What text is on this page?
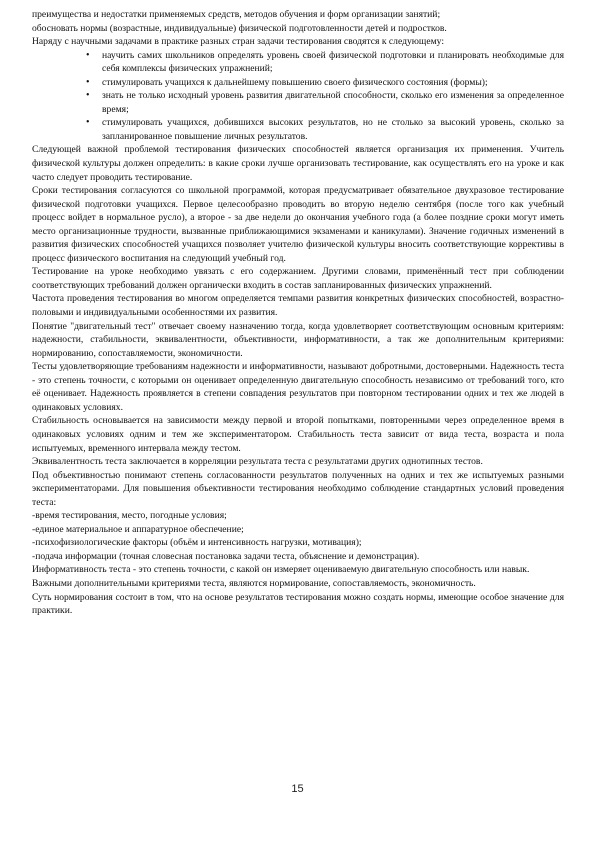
преимущества и недостатки применяемых средств, методов обучения и форм организации занятий;

обосновать нормы (возрастные, индивидуальные) физической подготовленности детей и подростков.

Наряду с научными задачами в практике разных стран задачи тестирования сводятся к следующему:

• научить самих школьников определять уровень своей физической подготовки и планировать необходимые для себя комплексы физических упражнений;
• стимулировать учащихся к дальнейшему повышению своего физического состояния (формы);
• знать не только исходный уровень развития двигательной способности, сколько его изменения за определенное время;
• стимулировать учащихся, добившихся высоких результатов, но не столько за высокий уровень, сколько за запланированное повышение личных результатов.

Следующей важной проблемой тестирования физических способностей является организация их применения. Учитель физической культуры должен определить: в какие сроки лучше организовать тестирование, как осуществлять его на уроке и как часто следует проводить тестирование.

Сроки тестирования согласуются со школьной программой, которая предусматривает обязательное двухразовое тестирование физической подготовки учащихся. Первое целесообразно проводить во вторую неделю сентября (после того как учебный процесс войдет в нормальное русло), а второе - за две недели до окончания учебного года (а более поздние сроки могут иметь место организационные трудности, вызванные приближающимися экзаменами и каникулами). Значение годичных изменений в развития физических способностей учащихся позволяет учителю физической культуры вносить соответствующие коррективы в процесс физического воспитания на следующий учебный год.

Тестирование на уроке необходимо увязать с его содержанием. Другими словами, применённый тест при соблюдении соответствующих требований должен органически входить в состав запланированных физических упражнений.

Частота проведения тестирования во многом определяется темпами развития конкретных физических способностей, возрастно-половыми и индивидуальными особенностями их развития.

Понятие "двигательный тест" отвечает своему назначению тогда, когда удовлетворяет соответствующим основным критериям: надежности, стабильности, эквивалентности, объективности, информативности, а так же дополнительным критериями: нормированию, сопоставляемости, экономичности.

Тесты удовлетворяющие требованиям надежности и информативности, называют добротными, достоверными. Надежность теста - это степень точности, с которыми он оценивает определенную двигательную способность независимо от требований того, кто её оценивает. Надежность проявляется в степени совпадения результатов при повторном тестировании одних и тех же людей в одинаковых условиях.

Стабильность основывается на зависимости между первой и второй попытками, повторенными через определенное время в одинаковых условиях одним и тем же экспериментатором. Стабильность теста зависит от вида теста, возраста и пола испытуемых, временного интервала между тестом.

Эквивалентность теста заключается в корреляции результата теста с результатами других однотипных тестов.

Под объективностью понимают степень согласованности результатов полученных на одних и тех же испытуемых разными экспериментаторами. Для повышения объективности тестирования необходимо соблюдение стандартных условий проведения теста:

-время тестирования, место, погодные условия;

-единое материальное и аппаратурное обеспечение;

-психофизиологические факторы (объём и интенсивность нагрузки, мотивация);

-подача информации (точная словесная постановка задачи теста, объяснение и демонстрация).

Информативность теста - это степень точности, с какой он измеряет оцениваемую двигательную способность или навык.

Важными дополнительными критериями теста, являются нормирование, сопоставляемость, экономичность.

Суть нормирования состоит в том, что на основе результатов тестирования можно создать нормы, имеющие особое значение для практики.

15
